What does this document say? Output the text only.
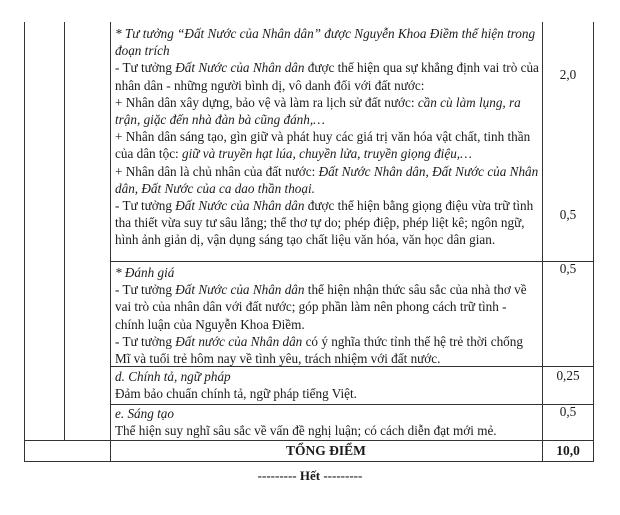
* Tư tưởng “Đất Nước của Nhân dân” được Nguyễn Khoa Điềm thể hiện trong đoạn trích

- Tư tưởng Đất Nước của Nhân dân được thể hiện qua sự khẳng định vai trò của nhân dân - những người bình dị, vô danh đối với đất nước:

+ Nhân dân xây dựng, bảo vệ và làm ra lịch sử đất nước: cần cù làm lụng, ra trận, giặc đến nhà đàn bà cũng đánh,…

+ Nhân dân sáng tạo, gìn giữ và phát huy các giá trị văn hóa vật chất, tinh thần của dân tộc: giữ và truyền hạt lúa, chuyền lửa, truyền giọng điệu,…

+ Nhân dân là chủ nhân của đất nước: Đất Nước Nhân dân, Đất Nước của Nhân dân, Đất Nước của ca dao thần thoại.

- Tư tưởng Đất Nước của Nhân dân được thể hiện bằng giọng điệu vừa trữ tình tha thiết vừa suy tư sâu lắng; thể thơ tự do; phép điệp, phép liệt kê; ngôn ngữ, hình ảnh giản dị, vận dụng sáng tạo chất liệu văn hóa, văn học dân gian.

2,0
0,5

* Đánh giá

- Tư tưởng Đất Nước của Nhân dân thể hiện nhận thức sâu sắc của nhà thơ về vai trò của nhân dân với đất nước; góp phần làm nên phong cách trữ tình - chính luận của Nguyễn Khoa Điềm.

- Tư tưởng Đất nước của Nhân dân có ý nghĩa thức tỉnh thế hệ trẻ thời chống Mĩ và tuổi trẻ hôm nay về tình yêu, trách nhiệm với đất nước.

0,5

d. Chính tả, ngữ pháp

Đảm bảo chuẩn chính tả, ngữ pháp tiếng Việt.

0,25

e. Sáng tạo

Thể hiện suy nghĩ sâu sắc về vấn đề nghị luận; có cách diễn đạt mới mẻ.

0,5
TỔNG ĐIỂM	10,0
--------- Hết ---------
